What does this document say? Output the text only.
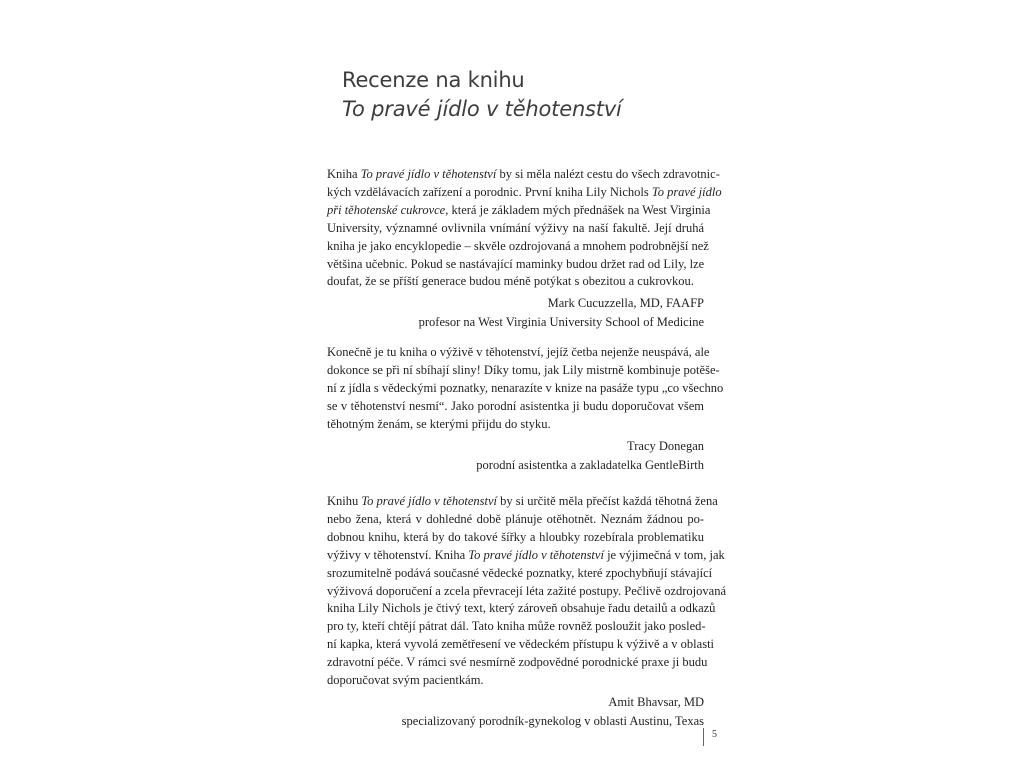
Recenze na knihu
To pravé jídlo v těhotenství

Kniha To pravé jídlo v těhotenství by si měla nalézt cestu do všech zdravotnic-
kých vzdělávacích zařízení a porodnic. První kniha Lily Nichols To pravé jídlo
při těhotenské cukrovce, která je základem mých přednášek na West Virginia
University, významné ovlivnila vnímání výživy na naší fakultě. Její druhá
kniha je jako encyklopedie – skvěle ozdrojovaná a mnohem podrobnější než
většina učebnic. Pokud se nastávající maminky budou držet rad od Lily, lze
doufat, že se příští generace budou méně potýkat s obezitou a cukrovkou.

Mark Cucuzzella, MD, FAAFP
profesor na West Virginia University School of Medicine

Konečně je tu kniha o výživě v těhotenství, jejíž četba nejenže neuspává, ale
dokonce se při ní sbíhají sliny! Díky tomu, jak Lily mistrně kombinuje potěše-
ní z jídla s vědeckými poznatky, nenarazíte v knize na pasáže typu „co všechno
se v těhotenství nesmí“. Jako porodní asistentka ji budu doporučovat všem
těhotným ženám, se kterými přijdu do styku.

Tracy Donegan
porodní asistentka a zakladatelka GentleBirth

Knihu To pravé jídlo v těhotenství by si určitě měla přečíst každá těhotná žena
nebo žena, která v dohledné době plánuje otěhotnět. Neznám žádnou po-
dobnou knihu, která by do takové šířky a hloubky rozebírala problematiku
výživy v těhotenství. Kniha To pravé jídlo v těhotenství je výjimečná v tom, jak
srozumitelně podává současné vědecké poznatky, které zpochybňují stávající
výživová doporučení a zcela převracejí léta zažité postupy. Pečlivě ozdrojovaná
kniha Lily Nichols je čtivý text, který zároveň obsahuje řadu detailů a odkazů
pro ty, kteří chtějí pátrat dál. Tato kniha může rovněž posloužit jako posled-
ní kapka, která vyvolá zemětřesení ve vědeckém přístupu k výživě a v oblasti
zdravotní péče. V rámci své nesmírně zodpovědné porodnické praxe ji budu
doporučovat svým pacientkám.

Amit Bhavsar, MD
specializovaný porodník-gynekolog v oblasti Austinu, Texas
5
